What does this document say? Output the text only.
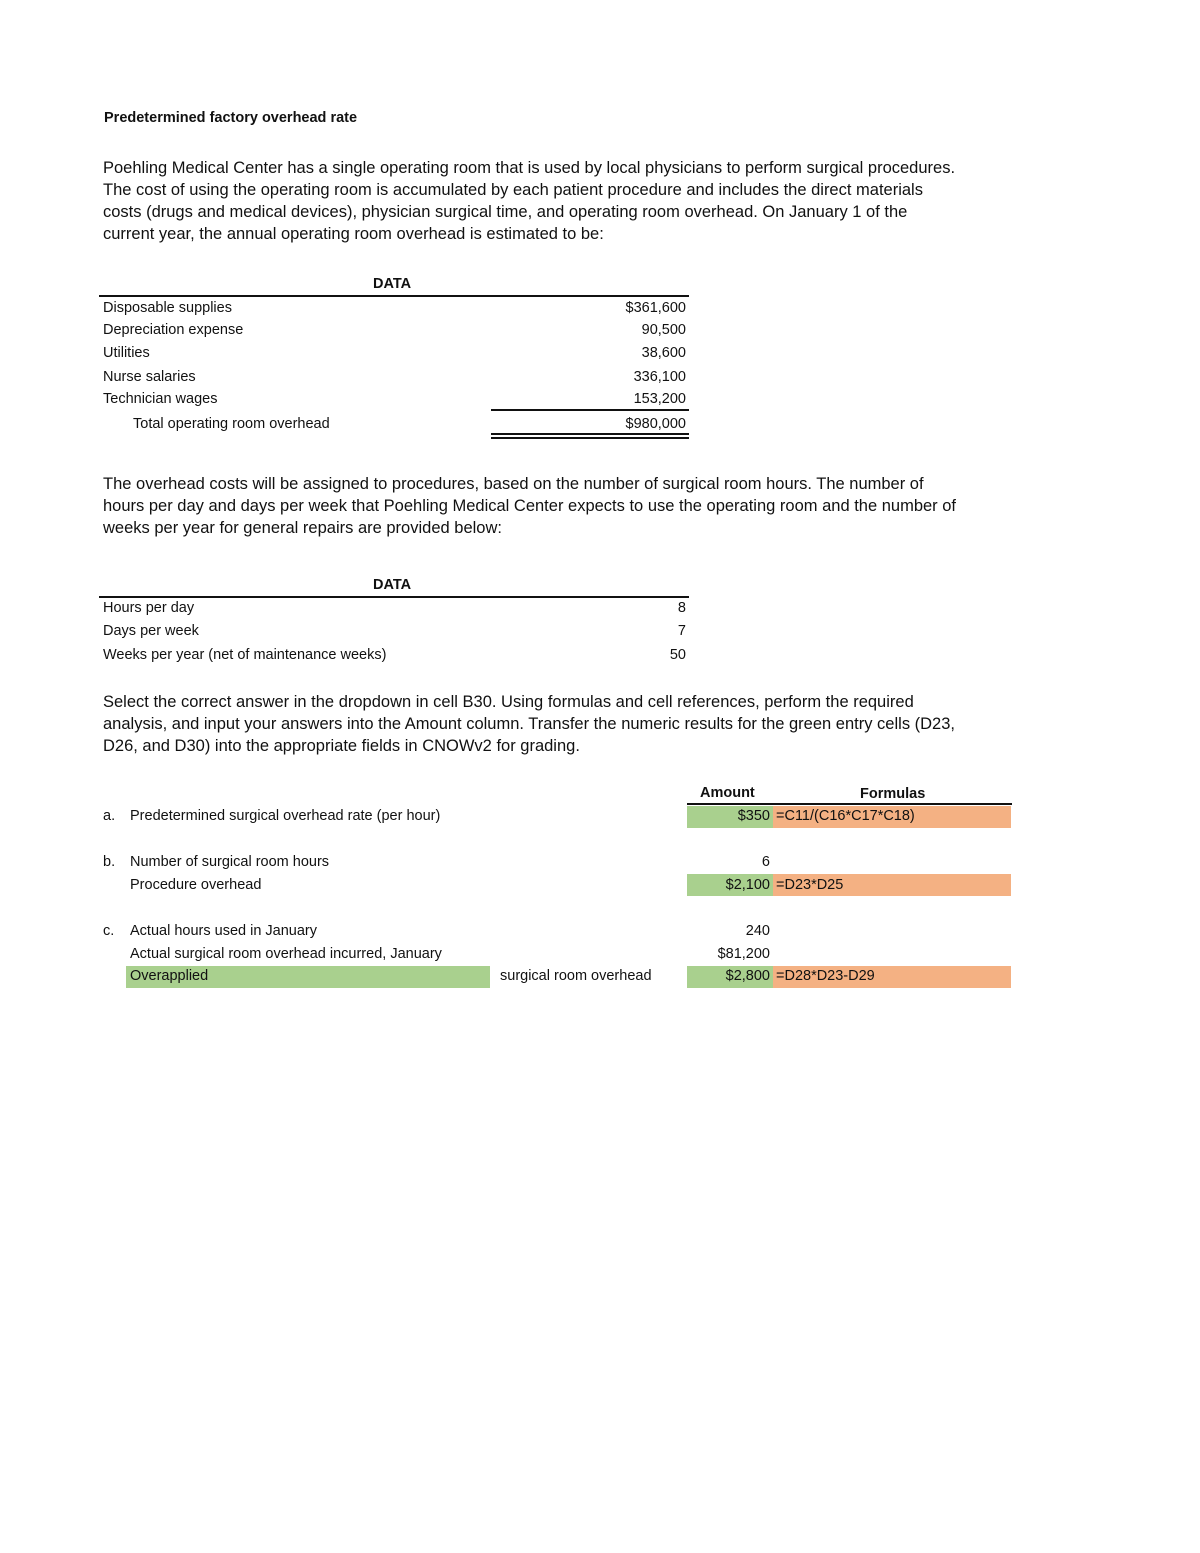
Predetermined factory overhead rate
Poehling Medical Center has a single operating room that is used by local physicians to perform surgical procedures.
The cost of using the operating room is accumulated by each patient procedure and includes the direct materials
costs (drugs and medical devices), physician surgical time, and operating room overhead. On January 1 of the
current year, the annual operating room overhead is estimated to be:
DATA
Disposable supplies	$361,600
Depreciation expense	90,500
Utilities	38,600
Nurse salaries	336,100
Technician wages	153,200
Total operating room overhead	$980,000
The overhead costs will be assigned to procedures, based on the number of surgical room hours. The number of
hours per day and days per week that Poehling Medical Center expects to use the operating room and the number of
weeks per year for general repairs are provided below:
DATA
Hours per day	8
Days per week	7
Weeks per year (net of maintenance weeks)	50
Select the correct answer in the dropdown in cell B30. Using formulas and cell references, perform the required
analysis, and input your answers into the Amount column. Transfer the numeric results for the green entry cells (D23,
D26, and D30) into the appropriate fields in CNOWv2 for grading.
Amount	Formulas
a. Predetermined surgical overhead rate (per hour)	$350 =C11/(C16*C17*C18)
b. Number of surgical room hours	6
Procedure overhead	$2,100 =D23*D25
c. Actual hours used in January	240
Actual surgical room overhead incurred, January	$81,200
Overapplied	surgical room overhead	$2,800 =D28*D23-D29
